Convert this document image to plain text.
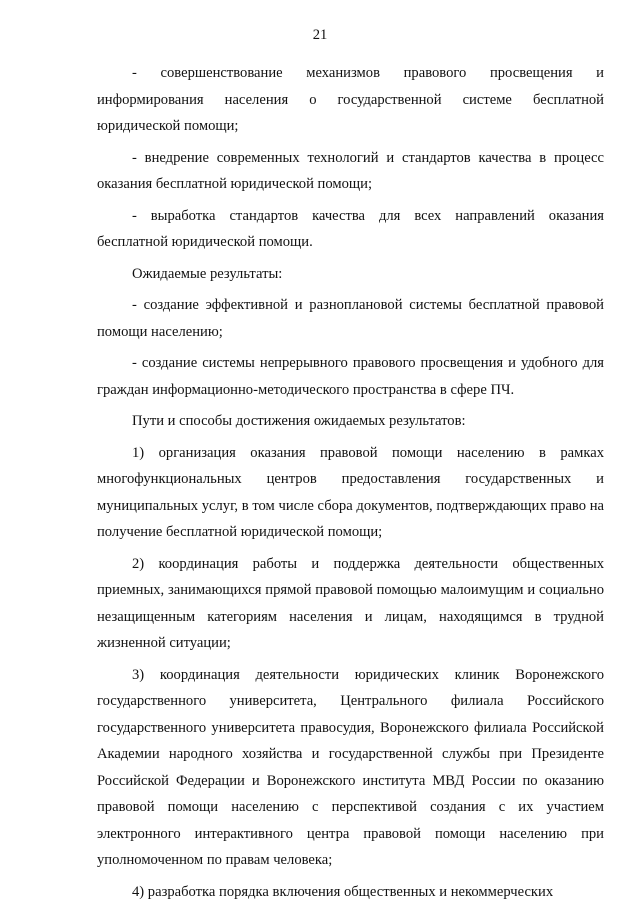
21

- совершенствование механизмов правового просвещения и информирования населения о государственной системе бесплатной юридической помощи;

- внедрение современных технологий и стандартов качества в процесс оказания бесплатной юридической помощи;

- выработка стандартов качества для всех направлений оказания бесплатной юридической помощи.

Ожидаемые результаты:

- создание эффективной и разноплановой системы бесплатной правовой помощи населению;

- создание системы непрерывного правового просвещения и удобного для граждан информационно-методического пространства в сфере ПЧ.

Пути и способы достижения ожидаемых результатов:

1) организация оказания правовой помощи населению в рамках многофункциональных центров предоставления государственных и муниципальных услуг, в том числе сбора документов, подтверждающих право на получение бесплатной юридической помощи;

2) координация работы и поддержка деятельности общественных приемных, занимающихся прямой правовой помощью малоимущим и социально незащищенным категориям населения и лицам, находящимся в трудной жизненной ситуации;

3) координация деятельности юридических клиник Воронежского государственного университета, Центрального филиала Российского государственного университета правосудия, Воронежского филиала Российской Академии народного хозяйства и государственной службы при Президенте Российской Федерации и Воронежского института МВД России по оказанию правовой помощи населению с перспективой создания с их участием электронного интерактивного центра правовой помощи населению при уполномоченном по правам человека;

4) разработка порядка включения общественных и некоммерческих
